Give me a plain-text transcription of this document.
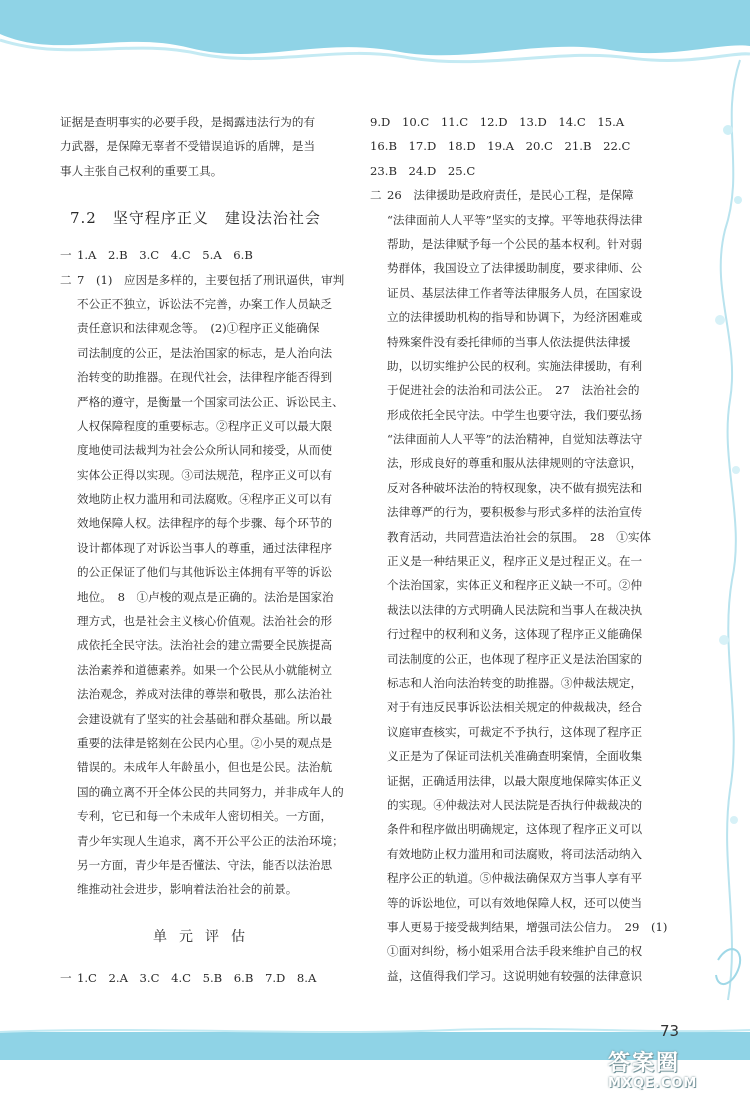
证据是查明事实的必要手段，是揭露违法行为的有
力武器，是保障无辜者不受错误追诉的盾牌，是当
事人主张自己权利的重要工具。
7.2　坚守程序正义　建设法治社会
一 1.A　2.B　3.C　4.C　5.A　6.B
二 7　(1)　应因是多样的，主要包括了刑讯逼供，审判
不公正不独立，诉讼法不完善，办案工作人员缺乏
责任意识和法律观念等。　(2)①程序正义能确保
司法制度的公正，是法治国家的标志，是人治向法
治转变的助推器。在现代社会，法律程序能否得到
严格的遵守，是衡量一个国家司法公正、诉讼民主、
人权保障程度的重要标志。②程序正义可以最大限
度地使司法裁判为社会公众所认同和接受，从而使
实体公正得以实现。③司法规范，程序正义可以有
效地防止权力滥用和司法腐败。④程序正义可以有
效地保障人权。法律程序的每个步骤、每个环节的
设计都体现了对诉讼当事人的尊重，通过法律程序
的公正保证了他们与其他诉讼主体拥有平等的诉讼
地位。　8　①卢梭的观点是正确的。法治是国家治
理方式，也是社会主义核心价值观。法治社会的形
成依托全民守法。法治社会的建立需要全民族提高
法治素养和道德素养。如果一个公民从小就能树立
法治观念，养成对法律的尊崇和敬畏，那么法治社
会建设就有了坚实的社会基础和群众基础。所以最
重要的法律是铭刻在公民内心里。②小昊的观点是
错误的。未成年人年龄虽小，但也是公民。法治航
国的确立离不开全体公民的共同努力，并非成年人的
专利，它已和每一个未成年人密切相关。一方面，
青少年实现人生追求，离不开公平公正的法治环境；
另一方面，青少年是否懂法、守法，能否以法治思
维推动社会进步，影响着法治社会的前景。
单元评估
一 1.C　2.A　3.C　4.C　5.B　6.B　7.D　8.A
9.D　10.C　11.C　12.D　13.D　14.C　15.A
16.B　17.D　18.D　19.A　20.C　21.B　22.C
23.B　24.D　25.C
二 26　法律援助是政府责任，是民心工程，是保障
“法律面前人人平等”坚实的支撑。平等地获得法律
帮助，是法律赋予每一个公民的基本权利。针对弱
势群体，我国设立了法律援助制度，要求律师、公
证员、基层法律工作者等法律服务人员，在国家设
立的法律援助机构的指导和协调下，为经济困难或
特殊案件没有委托律师的当事人依法提供法律援
助，以切实维护公民的权利。实施法律援助，有利
于促进社会的法治和司法公正。　27　法治社会的
形成依托全民守法。中学生也要守法，我们要弘扬
“法律面前人人平等”的法治精神，自觉知法尊法守
法，形成良好的尊重和服从法律规则的守法意识，
反对各种破坏法治的特权现象，决不做有损宪法和
法律尊严的行为，要积极参与形式多样的法治宣传
教育活动，共同营造法治社会的氛围。　28　①实体
正义是一种结果正义，程序正义是过程正义。在一
个法治国家，实体正义和程序正义缺一不可。②仲
裁法以法律的方式明确人民法院和当事人在裁决执
行过程中的权利和义务，这体现了程序正义能确保
司法制度的公正，也体现了程序正义是法治国家的
标志和人治向法治转变的助推器。③仲裁法规定，
对于有违反民事诉讼法相关规定的仲裁裁决，经合
议庭审查核实，可裁定不予执行，这体现了程序正
义正是为了保证司法机关准确查明案情，全面收集
证据，正确适用法律，以最大限度地保障实体正义
的实现。④仲裁法对人民法院是否执行仲裁裁决的
条件和程序做出明确规定，这体现了程序正义可以
有效地防止权力滥用和司法腐败，将司法活动纳入
程序公正的轨道。⑤仲裁法确保双方当事人享有平
等的诉讼地位，可以有效地保障人权，还可以使当
事人更易于接受裁判结果，增强司法公信力。　29　(1)
①面对纠纷，杨小姐采用合法手段来维护自己的权
益，这值得我们学习。这说明她有较强的法律意识
73
答案圈
MXQE.COM
